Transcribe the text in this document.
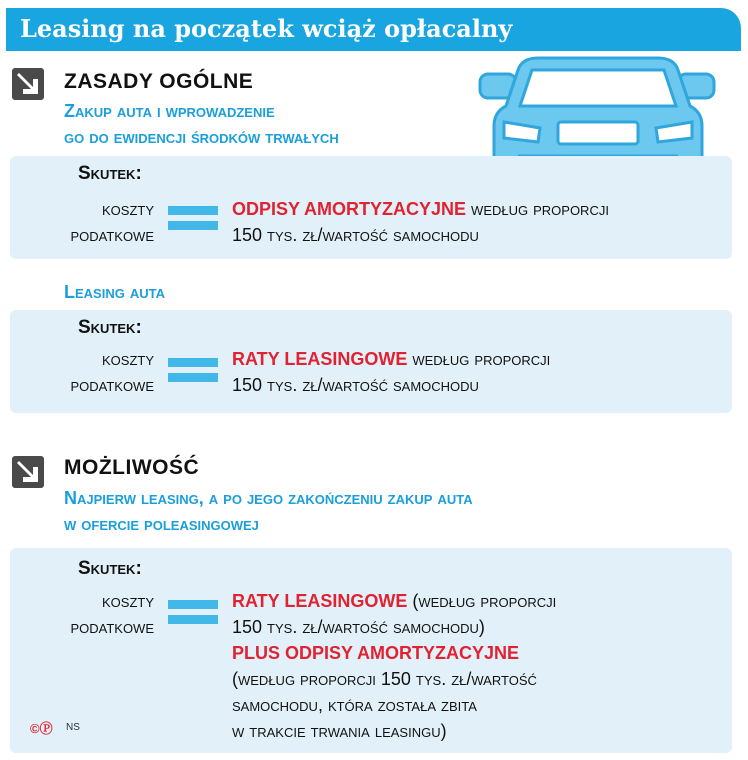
Leasing na początek wciąż opłacalny
ZASADY OGÓLNE
Zakup auta i wprowadzenie
go do ewidencji środków trwałych
Skutek:
koszty
podatkowe
ODPISY AMORTYZACYJNE według proporcji
150 tys. zł/wartość samochodu
Leasing auta
Skutek:
koszty
podatkowe
RATY LEASINGOWE według proporcji
150 tys. zł/wartość samochodu
MOŻLIWOŚĆ
Najpierw leasing, a po jego zakończeniu zakup auta
w ofercie poleasingowej
Skutek:
koszty
podatkowe
RATY LEASINGOWE (według proporcji
150 tys. zł/wartość samochodu)
PLUS ODPISY AMORTYZACYJNE
(według proporcji 150 tys. zł/wartość
samochodu, która została zbita
w trakcie trwania leasingu)
©Ⓟ NS
